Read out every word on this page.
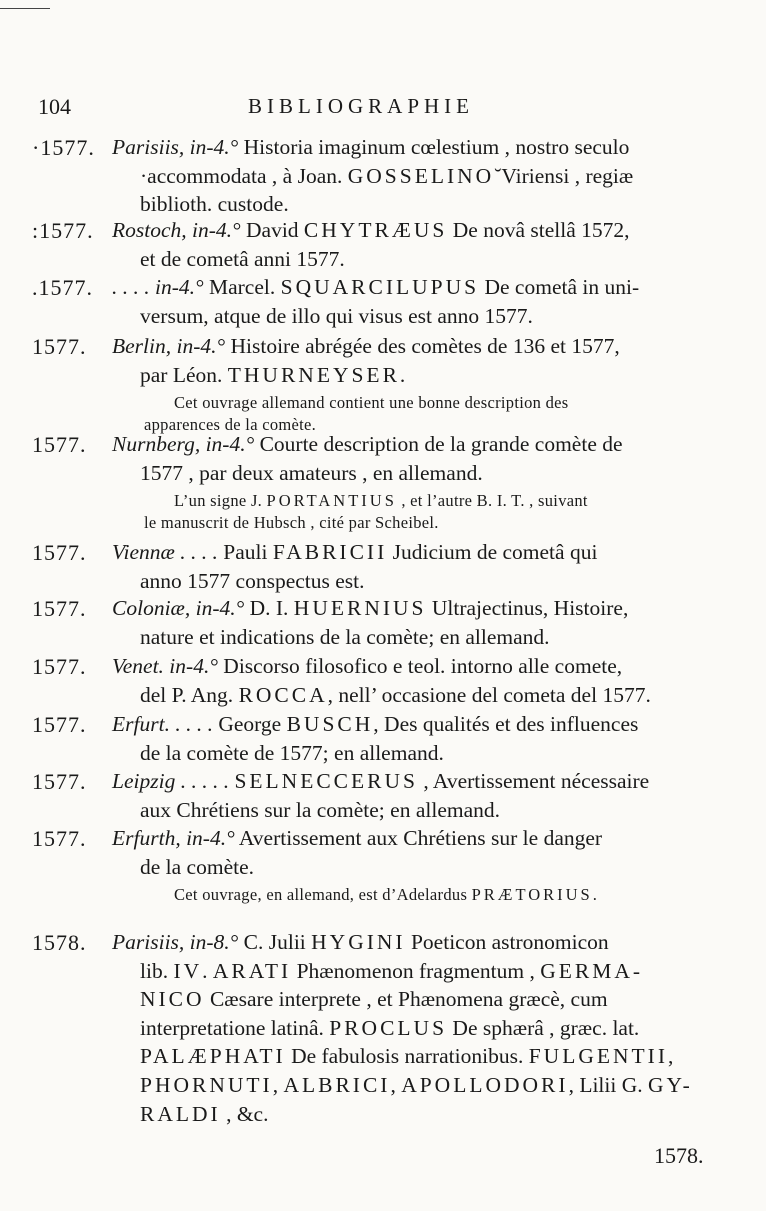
104	BIBLIOGRAPHIE
·1577. Parisiis, in-4.° Historia imaginum cœlestium , nostro seculo
·accommodata , à Joan. GOSSELINO˘Viriensi , regiæ
biblioth. custode.
:1577. Rostoch, in-4.° David CHYTRÆUS De novâ stellâ 1572,
et de cometâ anni 1577.
.1577. . . . . in-4.° Marcel. SQUARCILUPUS De cometâ in uni-
versum, atque de illo qui visus est anno 1577.
1577. Berlin, in-4.° Histoire abrégée des comètes de 136 et 1577,
par Léon. THURNEYSER.
Cet ouvrage allemand contient une bonne description des
apparences de la comète.
1577. Nurnberg, in-4.° Courte description de la grande comète de
1577 , par deux amateurs , en allemand.
L’un signe J. PORTANTIUS , et l’autre B. I. T. , suivant
le manuscrit de Hubsch , cité par Scheibel.
1577. Viennæ . . . . Pauli FABRICII Judicium de cometâ qui
anno 1577 conspectus est.
1577. Coloniæ, in-4.° D. I. HUERNIUS Ultrajectinus, Histoire,
nature et indications de la comète; en allemand.
1577. Venet. in-4.° Discorso filosofico e teol. intorno alle comete,
del P. Ang. ROCCA, nell’ occasione del cometa del 1577.
1577. Erfurt. . . . . George BUSCH, Des qualités et des influences
de la comète de 1577; en allemand.
1577. Leipzig . . . . . SELNECCERUS , Avertissement nécessaire
aux Chrétiens sur la comète; en allemand.
1577. Erfurth, in-4.° Avertissement aux Chrétiens sur le danger
de la comète.
Cet ouvrage, en allemand, est d’Adelardus PRÆTORIUS.
1578. Parisiis, in-8.° C. Julii HYGINI Poeticon astronomicon
lib. IV. ARATI Phænomenon fragmentum , GERMA-
NICO Cæsare interprete , et Phænomena græcè, cum
interpretatione latinâ. PROCLUS De sphærâ , græc. lat.
PALÆPHATI De fabulosis narrationibus. FULGENTII,
PHORNUTI, ALBRICI, APOLLODORI, Lilii G. GY-
RALDI , &c.
1578.
